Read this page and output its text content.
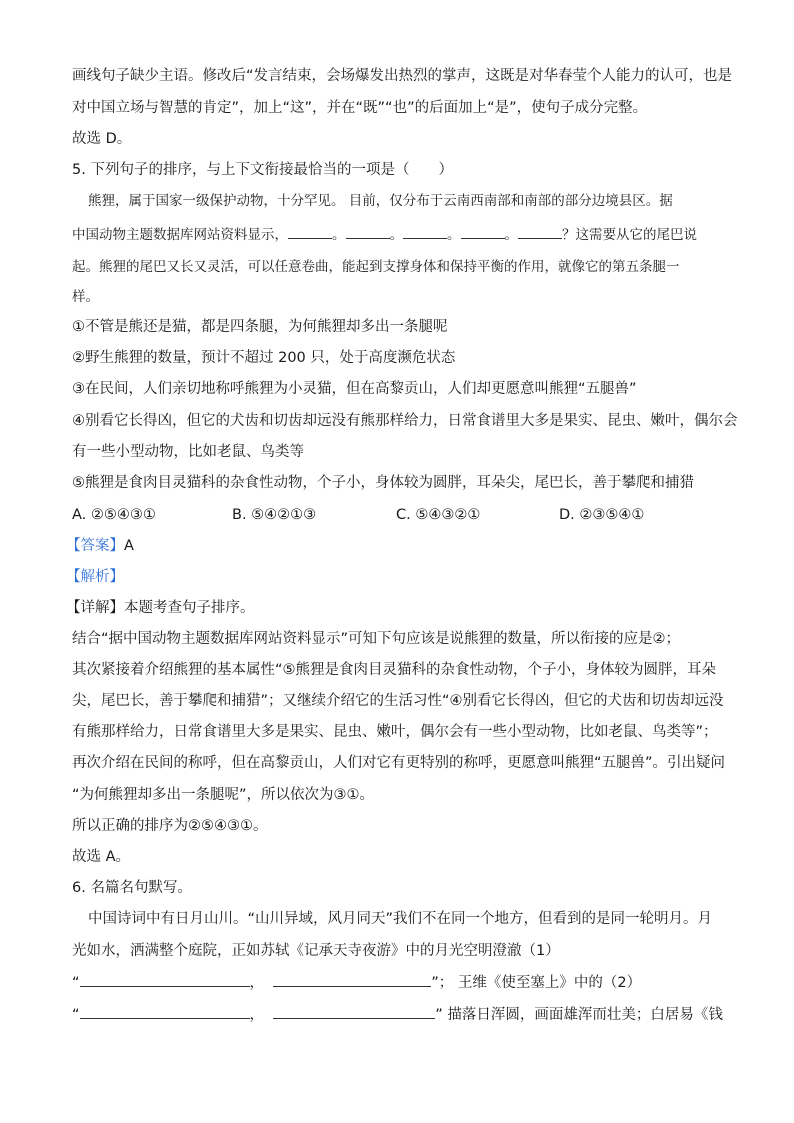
画线句子缺少主语。修改后“发言结束，会场爆发出热烈的掌声，这既是对华春莹个人能力的认可，也是
对中国立场与智慧的肯定”，加上“这”，并在“既”“也”的后面加上“是”，使句子成分完整。
故选 D。
5. 下列句子的排序，与上下文衔接最恰当的一项是（　　）
熊狸，属于国家一级保护动物，十分罕见。 目前，仅分布于云南西南部和南部的部分边境县区。据
中国动物主题数据库网站资料显示，	。	。	。	。	？这需要从它的尾巴说
起。熊狸的尾巴又长又灵活，可以任意卷曲，能起到支撑身体和保持平衡的作用，就像它的第五条腿一
样。
①不管是熊还是猫，都是四条腿，为何熊狸却多出一条腿呢
②野生熊狸的数量，预计不超过 200 只，处于高度濒危状态
③在民间，人们亲切地称呼熊狸为小灵猫，但在高黎贡山，人们却更愿意叫熊狸“五腿兽”
④别看它长得凶，但它的犬齿和切齿却远没有熊那样给力，日常食谱里大多是果实、昆虫、嫩叶，偶尔会
有一些小型动物，比如老鼠、鸟类等
⑤熊狸是食肉目灵猫科的杂食性动物，个子小，身体较为圆胖，耳朵尖，尾巴长，善于攀爬和捕猎
A. ②⑤④③①	B. ⑤④②①③	C. ⑤④③②①	D. ②③⑤④①
【答案】A
【解析】
【详解】本题考查句子排序。
结合“据中国动物主题数据库网站资料显示”可知下句应该是说熊狸的数量，所以衔接的应是②；
其次紧接着介绍熊狸的基本属性“⑤熊狸是食肉目灵猫科的杂食性动物，个子小，身体较为圆胖，耳朵
尖，尾巴长，善于攀爬和捕猎”；又继续介绍它的生活习性“④别看它长得凶，但它的犬齿和切齿却远没
有熊那样给力，日常食谱里大多是果实、昆虫、嫩叶，偶尔会有一些小型动物，比如老鼠、鸟类等”；
再次介绍在民间的称呼，但在高黎贡山，人们对它有更特别的称呼，更愿意叫熊狸“五腿兽”。引出疑问
“为何熊狸却多出一条腿呢”，所以依次为③①。
所以正确的排序为②⑤④③①。
故选 A。
6. 名篇名句默写。
中国诗词中有日月山川。“山川异域，风月同天”我们不在同一个地方，但看到的是同一轮明月。月
光如水，洒满整个庭院，正如苏轼《记承天寺夜游》中的月光空明澄澈（1）
“	，	”； 王维《使至塞上》中的（2）
“	，	” 描落日浑圆，画面雄浑而壮美；白居易《钱
